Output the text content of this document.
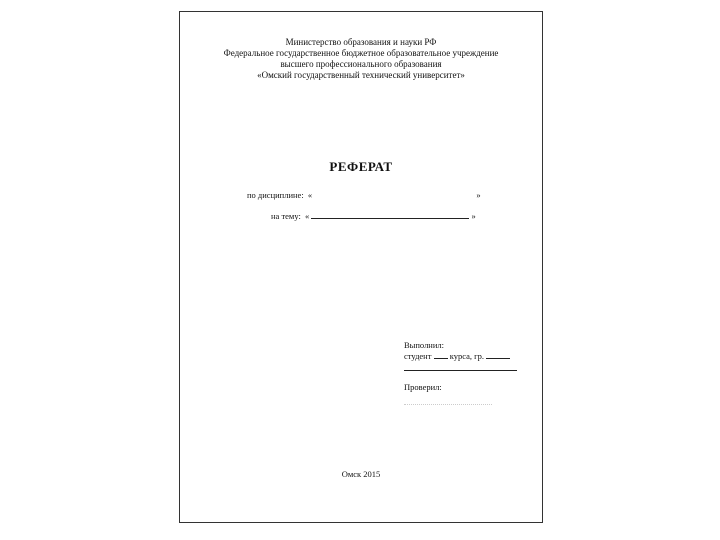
Министерство образования и науки РФ
Федеральное государственное бюджетное образовательное учреждение
высшего профессионального образования
«Омский государственный технический университет»
РЕФЕРАТ
по дисциплине: «	»
на тему: «	»
Выполнил:
студент курса, гр.
Проверил:
Омск 2015
